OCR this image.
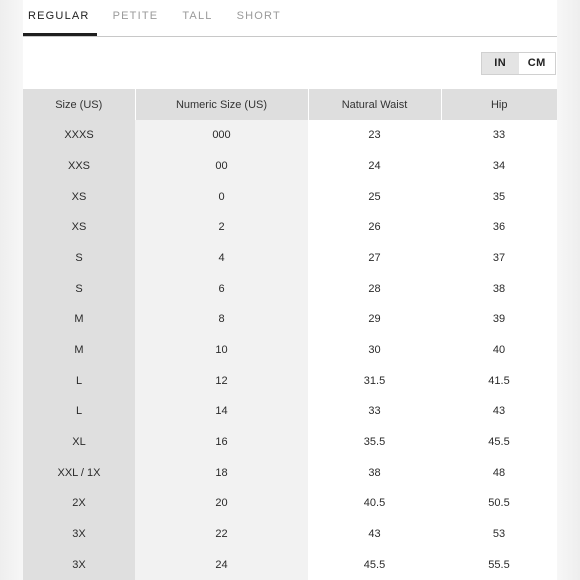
REGULAR	PETITE TALL SHORT
IN	CM
Size (US)	Numeric Size (US)	Natural Waist	Hip
XXXS	000	23	33
XXS	00	24	34
XS	0	25	35
XS	2	26	36
S	4	27	37
S	6	28	38
M	8	29	39
M	10	30	40
L	12	31.5	41.5
L	14	33	43
XL	16	35.5	45.5
XXL / 1X	18	38	48
2X	20	40.5	50.5
3X	22	43	53
3X	24	45.5	55.5
